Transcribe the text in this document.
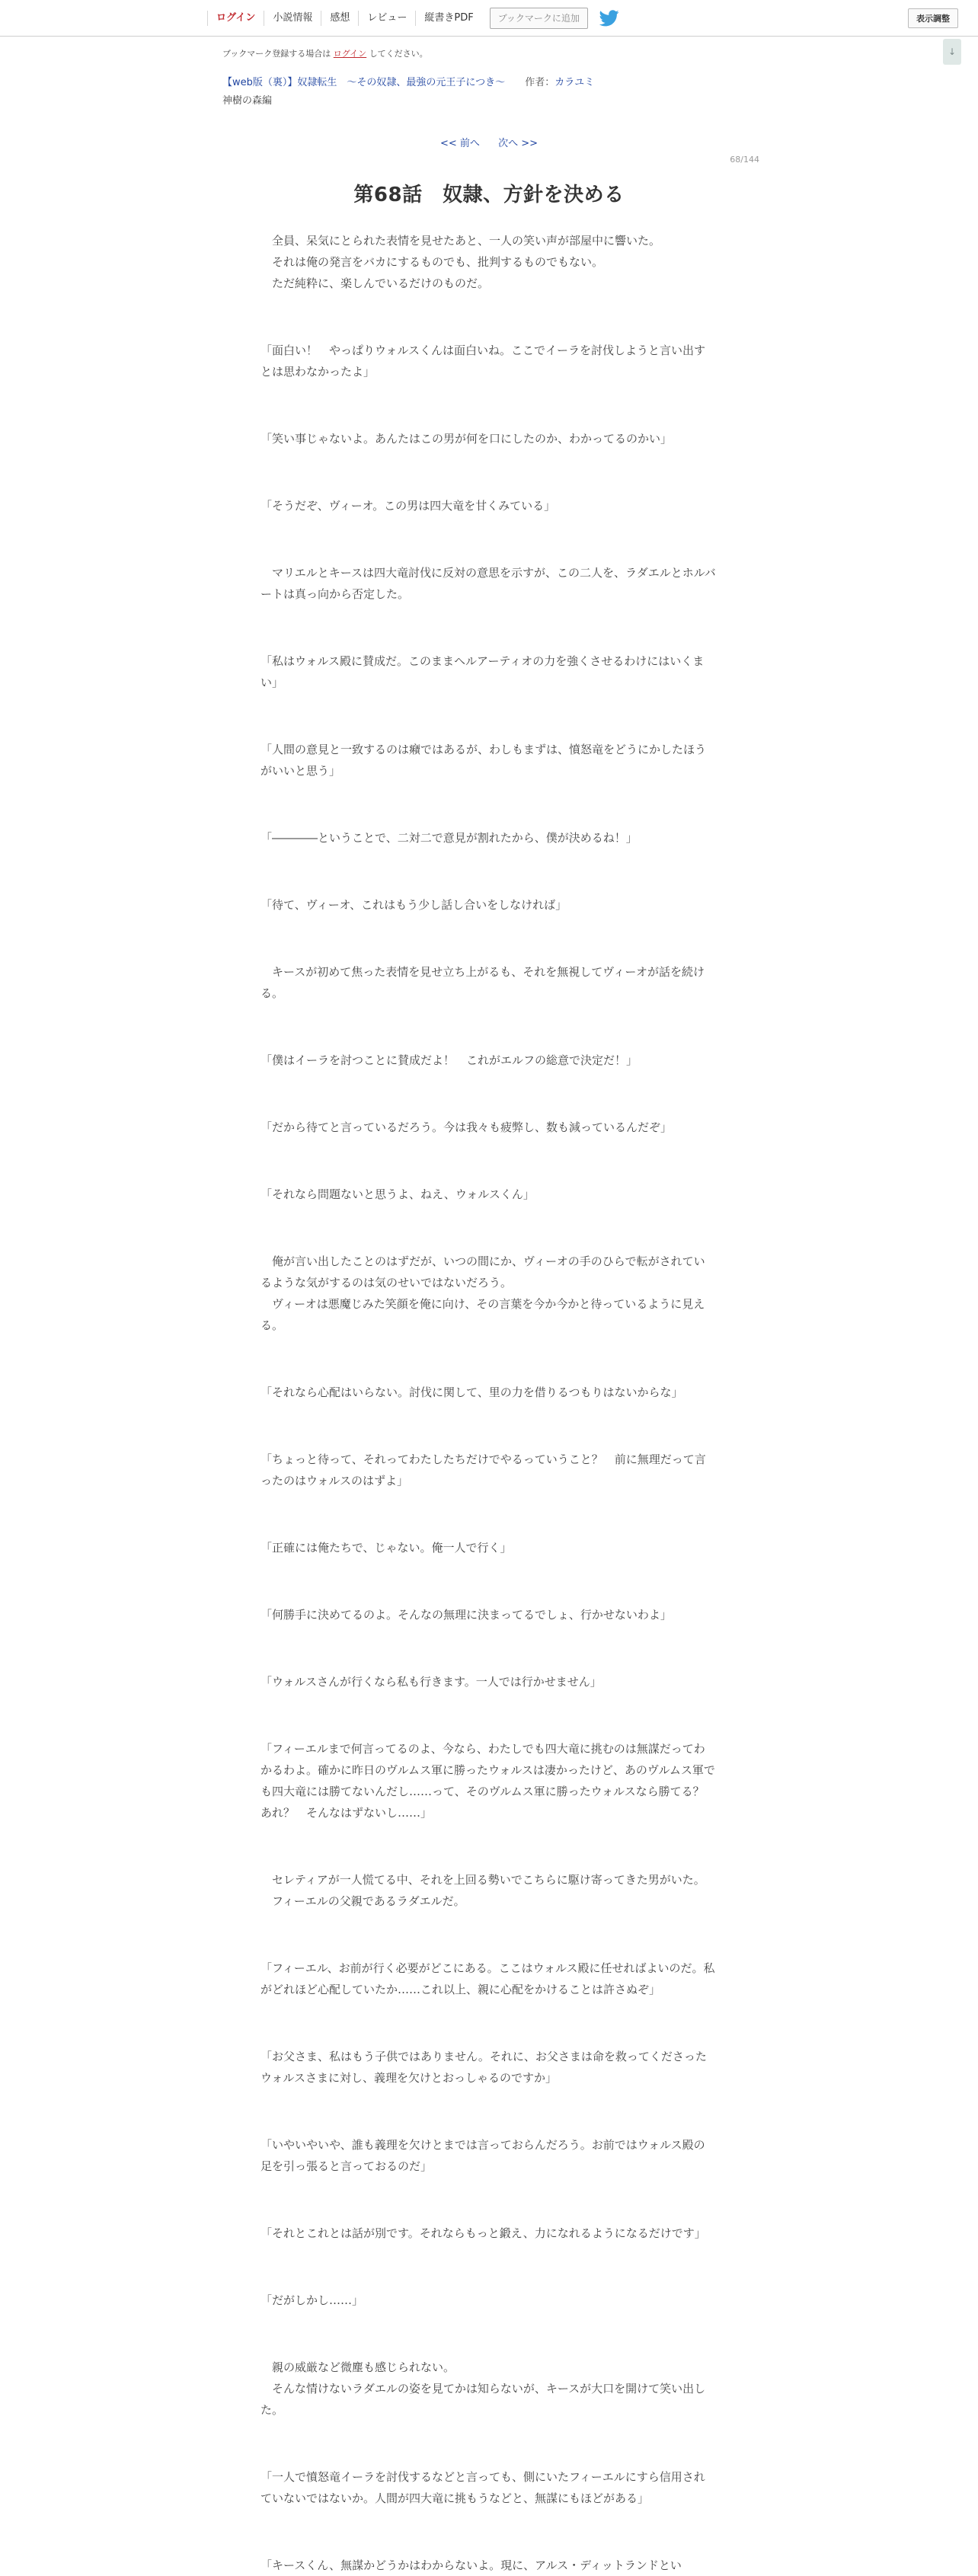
ログイン	小説情報	感想	レビュー	縦書きPDF	ブックマークに追加	表示調整
↓
ブックマーク登録する場合は ログイン してください。
【web版（裏）】奴隷転生　～その奴隷、最強の元王子につき～ 作者：カラユミ
神樹の森編
<< 前へ 次へ >>
68/144
第68話　奴隷、方針を決める

　全員、呆気にとられた表情を見せたあと、一人の笑い声が部屋中に響いた。

　それは俺の発言をバカにするものでも、批判するものでもない。

　ただ純粋に、楽しんでいるだけのものだ。

「面白い！　やっぱりウォルスくんは面白いね。ここでイーラを討伐しようと言い出すとは思わなかったよ」

「笑い事じゃないよ。あんたはこの男が何を口にしたのか、わかってるのかい」

「そうだぞ、ヴィーオ。この男は四大竜を甘くみている」

　マリエルとキースは四大竜討伐に反対の意思を示すが、この二人を、ラダエルとホルバートは真っ向から否定した。

「私はウォルス殿に賛成だ。このままヘルアーティオの力を強くさせるわけにはいくまい」

「人間の意見と一致するのは癪ではあるが、わしもまずは、憤怒竜をどうにかしたほうがいいと思う」

「――――ということで、二対二で意見が割れたから、僕が決めるね！」

「待て、ヴィーオ、これはもう少し話し合いをしなければ」

　キースが初めて焦った表情を見せ立ち上がるも、それを無視してヴィーオが話を続ける。

「僕はイーラを討つことに賛成だよ！　これがエルフの総意で決定だ！」

「だから待てと言っているだろう。今は我々も疲弊し、数も減っているんだぞ」

「それなら問題ないと思うよ、ねえ、ウォルスくん」

　俺が言い出したことのはずだが、いつの間にか、ヴィーオの手のひらで転がされているような気がするのは気のせいではないだろう。

　ヴィーオは悪魔じみた笑顔を俺に向け、その言葉を今か今かと待っているように見える。

「それなら心配はいらない。討伐に関して、里の力を借りるつもりはないからな」

「ちょっと待って、それってわたしたちだけでやるっていうこと？　前に無理だって言ったのはウォルスのはずよ」

「正確には俺たちで、じゃない。俺一人で行く」

「何勝手に決めてるのよ。そんなの無理に決まってるでしょ、行かせないわよ」

「ウォルスさんが行くなら私も行きます。一人では行かせません」

「フィーエルまで何言ってるのよ、今なら、わたしでも四大竜に挑むのは無謀だってわかるわよ。確かに昨日のヴルムス軍に勝ったウォルスは凄かったけど、あのヴルムス軍でも四大竜には勝てないんだし……って、そのヴルムス軍に勝ったウォルスなら勝てる？　あれ？　そんなはずないし……」

　セレティアが一人慌てる中、それを上回る勢いでこちらに駆け寄ってきた男がいた。

　フィーエルの父親であるラダエルだ。

「フィーエル、お前が行く必要がどこにある。ここはウォルス殿に任せればよいのだ。私がどれほど心配していたか……これ以上、親に心配をかけることは許さぬぞ」

「お父さま、私はもう子供ではありません。それに、お父さまは命を救ってくださったウォルスさまに対し、義理を欠けとおっしゃるのですか」

「いやいやいや、誰も義理を欠けとまでは言っておらんだろう。お前ではウォルス殿の足を引っ張ると言っておるのだ」

「それとこれとは話が別です。それならもっと鍛え、力になれるようになるだけです」

「だがしかし……」

　親の威厳など微塵も感じられない。

　そんな情けないラダエルの姿を見てかは知らないが、キースが大口を開けて笑い出した。

「一人で憤怒竜イーラを討伐するなどと言っても、側にいたフィーエルにすら信用されていないではないか。人間が四大竜に挑もうなどと、無謀にもほどがある」

「キースくん、無謀かどうかはわからないよ。現に、アルス・ディットランドとい
